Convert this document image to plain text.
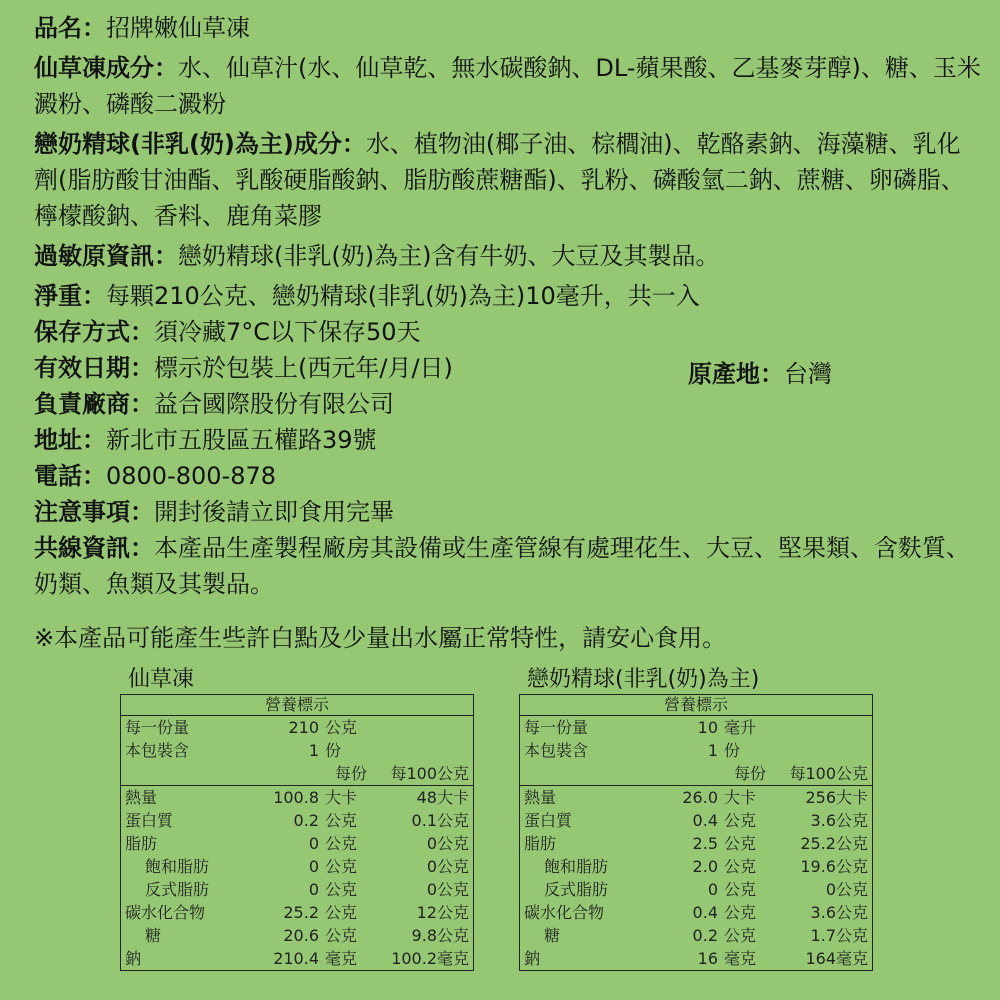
品名：招牌嫩仙草凍
仙草凍成分：水、仙草汁(水、仙草乾、無水碳酸鈉、DL-蘋果酸、乙基麥芽醇)、糖、玉米澱粉、磷酸二澱粉
戀奶精球(非乳(奶)為主)成分：水、植物油(椰子油、棕櫚油)、乾酪素鈉、海藻糖、乳化劑(脂肪酸甘油酯、乳酸硬脂酸鈉、脂肪酸蔗糖酯)、乳粉、磷酸氫二鈉、蔗糖、卵磷脂、檸檬酸鈉、香料、鹿角菜膠
過敏原資訊：戀奶精球(非乳(奶)為主)含有牛奶、大豆及其製品。
淨重：每顆210公克、戀奶精球(非乳(奶)為主)10毫升，共一入
保存方式：須冷藏7°C以下保存50天
有效日期：標示於包裝上(西元年/月/日)
負責廠商：益合國際股份有限公司
地址：新北市五股區五權路39號
電話：0800-800-878
注意事項：開封後請立即食用完畢
共線資訊：本產品生產製程廠房其設備或生產管線有處理花生、大豆、堅果類、含麩質、奶類、魚類及其製品。
原產地：台灣
※本產品可能產生些許白點及少量出水屬正常特性，請安心食用。
仙草凍
營養標示
每一份量	210 公克
本包裝含	1 份
每份	每100公克
熱量	100.8 大卡	48大卡
蛋白質	0.2 公克	0.1公克
脂肪	0 公克	0公克
飽和脂肪	0 公克	0公克
反式脂肪	0 公克	0公克
碳水化合物	25.2 公克	12公克
糖	20.6 公克	9.8公克
鈉	210.4 毫克	100.2毫克
戀奶精球(非乳(奶)為主)
營養標示
每一份量	10 毫升
本包裝含	1 份
每份	每100公克
熱量	26.0 大卡	256大卡
蛋白質	0.4 公克	3.6公克
脂肪	2.5 公克	25.2公克
飽和脂肪	2.0 公克	19.6公克
反式脂肪	0 公克	0公克
碳水化合物	0.4 公克	3.6公克
糖	0.2 公克	1.7公克
鈉	16 毫克	164毫克
